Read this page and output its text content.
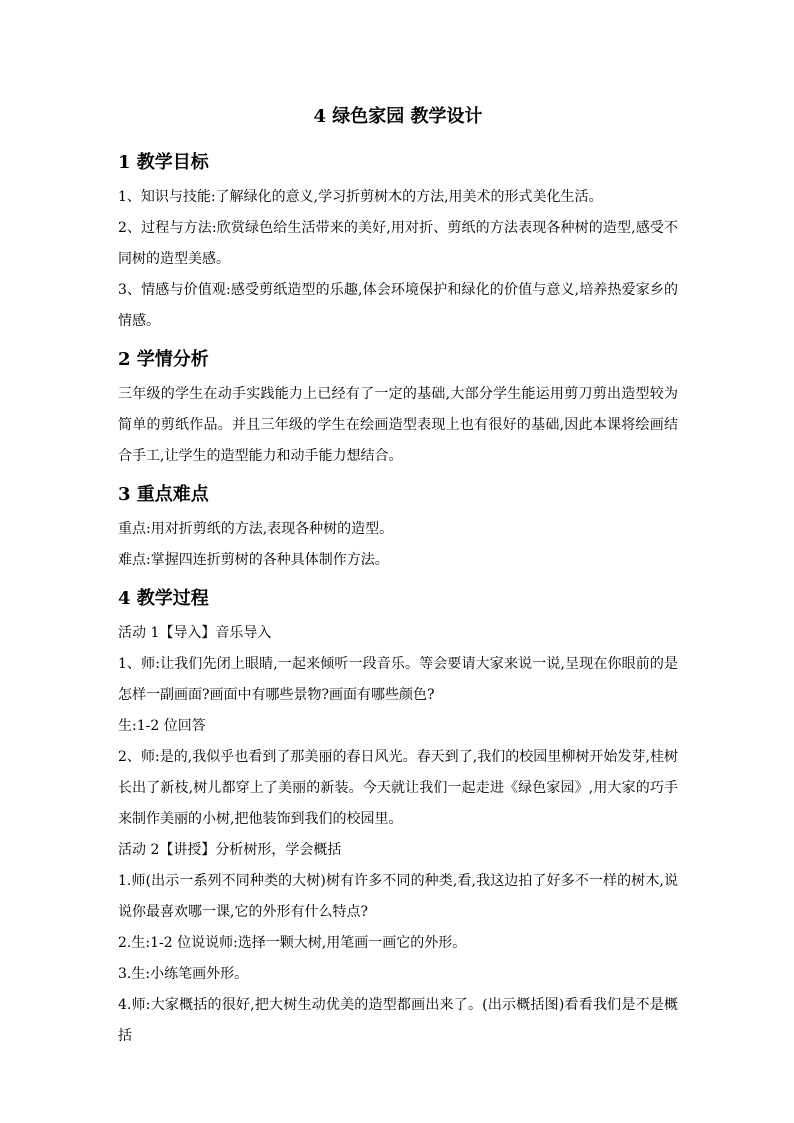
4 绿色家园 教学设计
1 教学目标

1、知识与技能:了解绿化的意义,学习折剪树木的方法,用美术的形式美化生活。

2、过程与方法:欣赏绿色给生活带来的美好,用对折、剪纸的方法表现各种树的造型,感受不同树的造型美感。

3、情感与价值观:感受剪纸造型的乐趣,体会环境保护和绿化的价值与意义,培养热爱家乡的情感。

2 学情分析

三年级的学生在动手实践能力上已经有了一定的基础,大部分学生能运用剪刀剪出造型较为简单的剪纸作品。并且三年级的学生在绘画造型表现上也有很好的基础,因此本课将绘画结合手工,让学生的造型能力和动手能力想结合。

3 重点难点

重点:用对折剪纸的方法,表现各种树的造型。

难点:掌握四连折剪树的各种具体制作方法。

4 教学过程

活动 1【导入】音乐导入

1、师:让我们先闭上眼睛,一起来倾听一段音乐。等会要请大家来说一说,呈现在你眼前的是怎样一副画面?画面中有哪些景物?画面有哪些颜色?

生:1-2 位回答

2、师:是的,我似乎也看到了那美丽的春日风光。春天到了,我们的校园里柳树开始发芽,桂树长出了新枝,树儿都穿上了美丽的新装。今天就让我们一起走进《绿色家园》,用大家的巧手来制作美丽的小树,把他装饰到我们的校园里。

活动 2【讲授】分析树形，学会概括

1.师(出示一系列不同种类的大树)树有许多不同的种类,看,我这边拍了好多不一样的树木,说说你最喜欢哪一课,它的外形有什么特点?

2.生:1-2 位说说师:选择一颗大树,用笔画一画它的外形。

3.生:小练笔画外形。

4.师:大家概括的很好,把大树生动优美的造型都画出来了。(出示概括图)看看我们是不是概括
